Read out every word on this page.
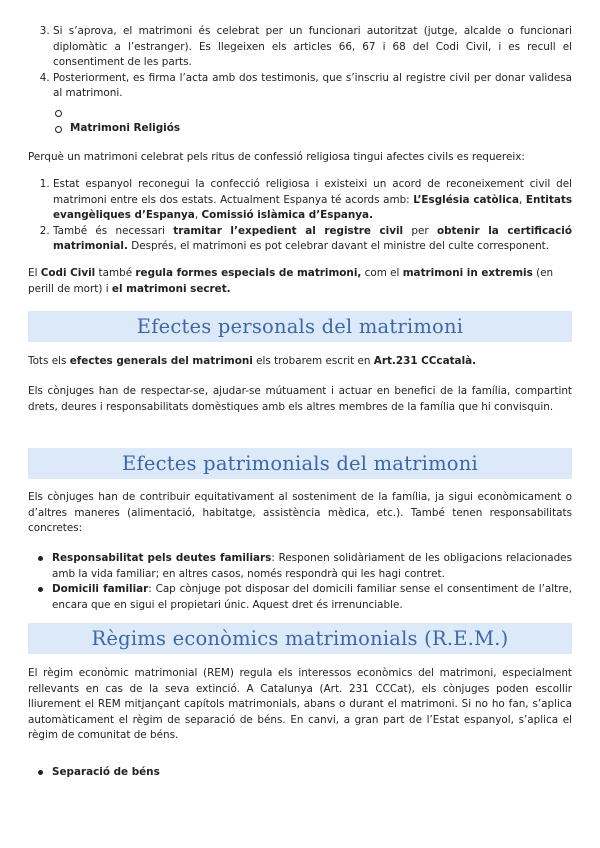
3. Si s’aprova, el matrimoni és celebrat per un funcionari autoritzat (jutge, alcalde o funcionari diplomàtic a l’estranger). Es llegeixen els articles 66, 67 i 68 del Codi Civil, i es recull el consentiment de les parts.
4. Posteriorment, es firma l’acta amb dos testimonis, que s’inscriu al registre civil per donar validesa al matrimoni.
Matrimoni Religiós

Perquè un matrimoni celebrat pels ritus de confessió religiosa tingui afectes civils es requereix:

1. Estat espanyol reconegui la confecció religiosa i existeixi un acord de reconeixement civil del matrimoni entre els dos estats. Actualment Espanya té acords amb: L’Església catòlica, Entitats evangèliques d’Espanya, Comissió islàmica d’Espanya.
2. També és necessari tramitar l’expedient al registre civil per obtenir la certificació matrimonial. Després, el matrimoni es pot celebrar davant el ministre del culte corresponent.

El Codi Civil també regula formes especials de matrimoni, com el matrimoni in extremis (en perill de mort) i el matrimoni secret.

Efectes personals del matrimoni

Tots els efectes generals del matrimoni els trobarem escrit en Art.231 CCcatalà.

Els cònjuges han de respectar-se, ajudar-se mútuament i actuar en benefici de la família, compartint drets, deures i responsabilitats domèstiques amb els altres membres de la família que hi convisquin.

Efectes patrimonials del matrimoni

Els cònjuges han de contribuir equitativament al sosteniment de la família, ja sigui econòmicament o d’altres maneres (alimentació, habitatge, assistència mèdica, etc.). També tenen responsabilitats concretes:

Responsabilitat pels deutes familiars: Responen solidàriament de les obligacions relacionades amb la vida familiar; en altres casos, només respondrà qui les hagi contret.
Domicili familiar: Cap cònjuge pot disposar del domicili familiar sense el consentiment de l’altre, encara que en sigui el propietari únic. Aquest dret és irrenunciable.
Règims econòmics matrimonials (R.E.M.)

El règim econòmic matrimonial (REM) regula els interessos econòmics del matrimoni, especialment rellevants en cas de la seva extinció. A Catalunya (Art. 231 CCCat), els cònjuges poden escollir lliurement el REM mitjançant capítols matrimonials, abans o durant el matrimoni. Si no ho fan, s’aplica automàticament el règim de separació de béns. En canvi, a gran part de l’Estat espanyol, s’aplica el règim de comunitat de béns.

Separació de béns
